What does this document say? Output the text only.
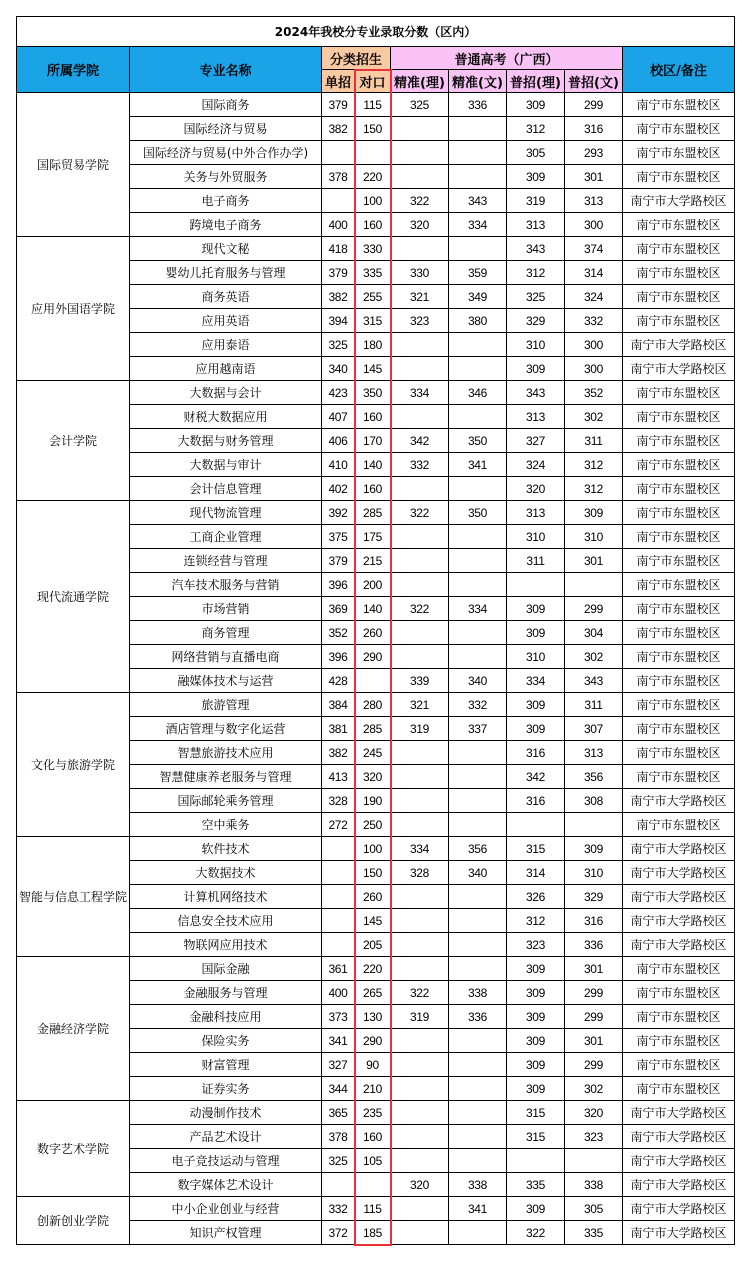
2024年我校分专业录取分数（区内）								
所属学院	专业名称	分类招生		普通高考（广西）				校区/备注
		单招	对口	精准(理)	精准(文)	普招(理)	普招(文)	
国际贸易学院	国际商务	379	115	325	336	309	299	南宁市东盟校区
	国际经济与贸易	382	150			312	316	南宁市东盟校区
	国际经济与贸易(中外合作办学)					305	293	南宁市东盟校区
	关务与外贸服务	378	220			309	301	南宁市东盟校区
	电子商务		100	322	343	319	313	南宁市大学路校区
	跨境电子商务	400	160	320	334	313	300	南宁市东盟校区
应用外国语学院	现代文秘	418	330			343	374	南宁市东盟校区
	婴幼儿托育服务与管理	379	335	330	359	312	314	南宁市东盟校区
	商务英语	382	255	321	349	325	324	南宁市东盟校区
	应用英语	394	315	323	380	329	332	南宁市东盟校区
	应用泰语	325	180			310	300	南宁市大学路校区
	应用越南语	340	145			309	300	南宁市大学路校区
会计学院	大数据与会计	423	350	334	346	343	352	南宁市东盟校区
	财税大数据应用	407	160			313	302	南宁市东盟校区
	大数据与财务管理	406	170	342	350	327	311	南宁市东盟校区
	大数据与审计	410	140	332	341	324	312	南宁市东盟校区
	会计信息管理	402	160			320	312	南宁市东盟校区
现代流通学院	现代物流管理	392	285	322	350	313	309	南宁市东盟校区
	工商企业管理	375	175			310	310	南宁市东盟校区
	连锁经营与管理	379	215			311	301	南宁市东盟校区
	汽车技术服务与营销	396	200					南宁市东盟校区
	市场营销	369	140	322	334	309	299	南宁市东盟校区
	商务管理	352	260			309	304	南宁市东盟校区
	网络营销与直播电商	396	290			310	302	南宁市东盟校区
	融媒体技术与运营	428		339	340	334	343	南宁市东盟校区
文化与旅游学院	旅游管理	384	280	321	332	309	311	南宁市东盟校区
	酒店管理与数字化运营	381	285	319	337	309	307	南宁市东盟校区
	智慧旅游技术应用	382	245			316	313	南宁市东盟校区
	智慧健康养老服务与管理	413	320			342	356	南宁市东盟校区
	国际邮轮乘务管理	328	190			316	308	南宁市大学路校区
	空中乘务	272	250					南宁市东盟校区
智能与信息工程学院	软件技术		100	334	356	315	309	南宁市大学路校区
	大数据技术		150	328	340	314	310	南宁市大学路校区
	计算机网络技术		260			326	329	南宁市大学路校区
	信息安全技术应用		145			312	316	南宁市大学路校区
	物联网应用技术		205			323	336	南宁市大学路校区
金融经济学院	国际金融	361	220			309	301	南宁市东盟校区
	金融服务与管理	400	265	322	338	309	299	南宁市东盟校区
	金融科技应用	373	130	319	336	309	299	南宁市东盟校区
	保险实务	341	290			309	301	南宁市东盟校区
	财富管理	327	90			309	299	南宁市东盟校区
	证券实务	344	210			309	302	南宁市东盟校区
数字艺术学院	动漫制作技术	365	235			315	320	南宁市大学路校区
	产品艺术设计	378	160			315	323	南宁市大学路校区
	电子竞技运动与管理	325	105					南宁市大学路校区
	数字媒体艺术设计			320	338	335	338	南宁市大学路校区
创新创业学院	中小企业创业与经营	332	115		341	309	305	南宁市大学路校区
	知识产权管理	372	185			322	335	南宁市大学路校区
